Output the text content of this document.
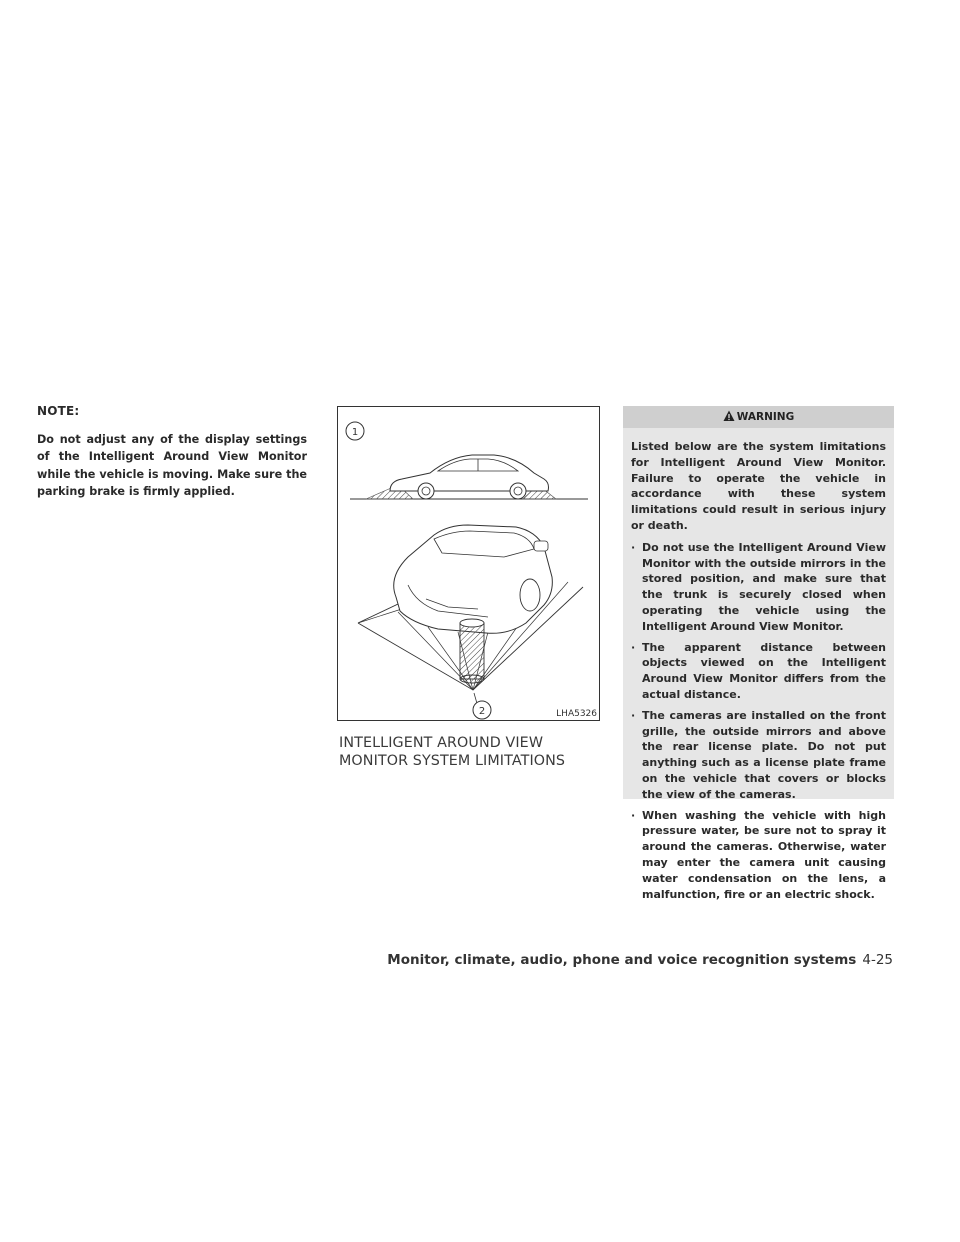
NOTE:
Do not adjust any of the display settings of the Intelligent Around View Monitor while the vehicle is moving. Make sure the parking brake is firmly applied.
1
2	LHA5326
INTELLIGENT AROUND VIEW
MONITOR SYSTEM LIMITATIONS
WARNING
Listed below are the system limitations for Intelligent Around View Monitor. Failure to operate the vehicle in accordance with these system limitations could result in serious injury or death.
· Do not use the Intelligent Around View Monitor with the outside mirrors in the stored position, and make sure that the trunk is securely closed when operating the vehicle using the Intelligent Around View Monitor.
· The apparent distance between objects viewed on the Intelligent Around View Monitor differs from the actual distance.
· The cameras are installed on the front grille, the outside mirrors and above the rear license plate. Do not put anything such as a license plate frame on the vehicle that covers or blocks the view of the cameras.
· When washing the vehicle with high pressure water, be sure not to spray it around the cameras. Otherwise, water may enter the camera unit causing water condensation on the lens, a malfunction, fire or an electric shock.
Monitor, climate, audio, phone and voice recognition systems 4-25
